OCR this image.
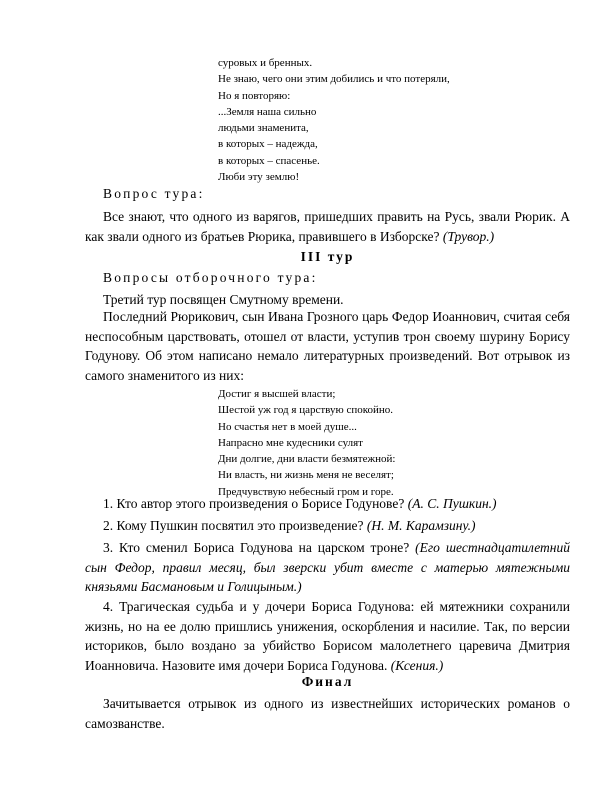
суровых и бренных.
Не знаю, чего они этим добились и что потеряли,
Но я повторяю:
...Земля наша сильно
людьми знаменита,
в которых – надежда,
в которых – спасенье.
Люби эту землю!
Вопрос тура:
Все знают, что одного из варягов, пришедших править на Русь, звали Рюрик. А как звали одного из братьев Рюрика, правившего в Изборске? (Трувор.)
III тур
Вопросы отборочного тура:
Третий тур посвящен Смутному времени.
Последний Рюрикович, сын Ивана Грозного царь Федор Иоаннович, считая себя неспособным царствовать, отошел от власти, уступив трон своему шурину Борису Годунову. Об этом написано немало литературных произведений. Вот отрывок из самого знаменитого из них:
Достиг я высшей власти;
Шестой уж год я царствую спокойно.
Но счастья нет в моей душе...
Напрасно мне кудесники сулят
Дни долгие, дни власти безмятежной:
Ни власть, ни жизнь меня не веселят;
Предчувствую небесный гром и горе.
1. Кто автор этого произведения о Борисе Годунове? (А. С. Пушкин.)
2. Кому Пушкин посвятил это произведение? (Н. М. Карамзину.)
3. Кто сменил Бориса Годунова на царском троне? (Его шестнадцатилетний сын Федор, правил месяц, был зверски убит вместе с матерью мятежными князьями Басмановым и Голицыным.)
4. Трагическая судьба и у дочери Бориса Годунова: ей мятежники сохранили жизнь, но на ее долю пришлись унижения, оскорбления и насилие. Так, по версии историков, было воздано за убийство Борисом малолетнего царевича Дмитрия Иоанновича. Назовите имя дочери Бориса Годунова. (Ксения.)
Финал
Зачитывается отрывок из одного из известнейших исторических романов о самозванстве.
